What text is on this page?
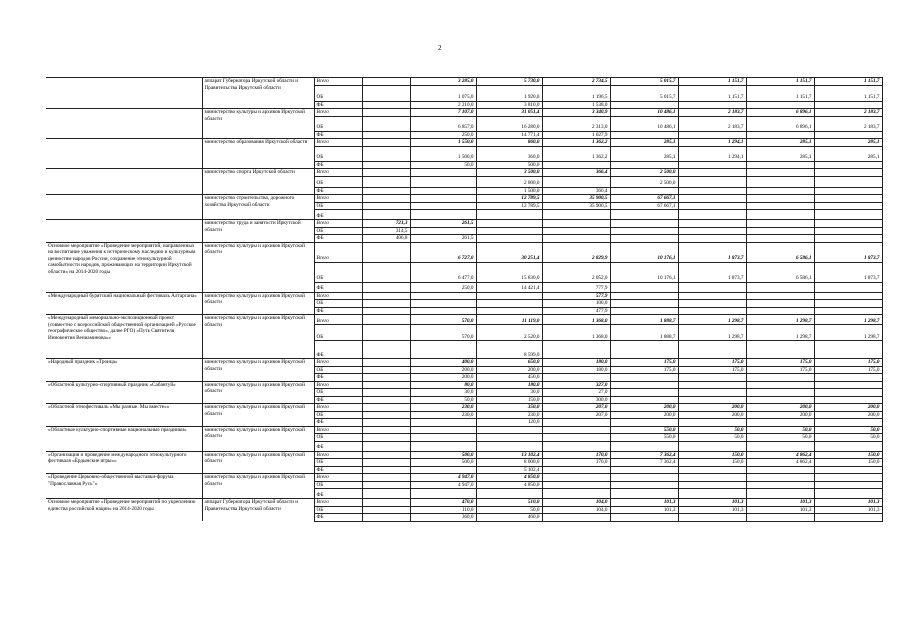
2
	аппарат Губернатора Иркутской области и Правительства Иркутской области	Всего		3 285,0	5 730,0	2 734,5	5 015,7	1 151,7	1 151,7	1 151,7
		ОБ		1 075,0	1 920,0	1 196,5	5 015,7	1 151,7	1 151,7	1 151,7
		ФБ		2 210,0	3 810,0	1 538,0				
	министерство культуры и архивов Иркутской области	Всего		7 107,0	31 051,4	3 340,9	10 486,1	2 183,7	6 896,1	2 183,7
		ОБ		6 857,0	16 280,0	2 313,0	10 486,1	2 183,7	6 896,1	2 183,7
		ФБ		250,0	14 771,4	1 027,9				
	министерство образования Иркутской области	Всего		1 550,0	860,0	1 362,2	285,1	1 294,1	285,1	285,1
		ОБ		1 500,0	360,0	1 362,2	285,1	1 294,1	285,1	285,1
		ФБ		50,0	500,0					
	министерство спорта Иркутской области	Всего			3 500,0	366,4	2 500,0			
		ОБ			2 000,0		2 500,0			
		ФБ			1 500,0	366,4				
	министерство строительства, дорожного хозяйства Иркутской области	Всего			12 789,5	35 900,5	67 667,1			
		ОБ			12 789,5	35 900,5	67 667,1			
		ФБ								
	министерство труда и занятости Иркутской области	Всего	721,3	261,5						
		ОБ	314,5							
		ФБ	406,8	261,5						
Основное мероприятие «Проведение мероприятий, направленных на воспитание уважения к историческому наследию и культурным ценностям народов России, сохранение этнокультурной самобытности народов, проживающих на территории Иркутской области» на 2014-2020 годы	министерство культуры и архивов Иркутской области	Всего		6 727,0	30 251,4	2 829,9	10 176,1	1 873,7	6 586,1	1 873,7
		ОБ		6 477,0	15 830,0	2 052,0	10 176,1	1 873,7	6 586,1	1 873,7
		ФБ		250,0	14 421,4	777,9				
«Международный бурятский национальный фестиваль Алтаргана»	министерство культуры и архивов Иркутской области	Всего				577,9				
		ОБ				100,0				
		ФБ				477,9				
«Международный мемориально-экспозиционный проект (совместно с всероссийской общественной организацией «Русское географическое общество», далее РГО) «Путь Святителя Иннокентия Вениаминова»»	министерство культуры и архивов Иркутской области	Всего		570,0	11 119,0	1 368,0	1 888,7	1 298,7	1 298,7	1 298,7
		ОБ		570,0	2 520,0	1 368,0	1 888,7	1 298,7	1 298,7	1 298,7
		ФБ			8 599,0					
«Народный праздник «Троица»	министерство культуры и архивов Иркутской области	Всего		400,0	650,0	180,0	175,0	175,0	175,0	175,0
		ОБ		200,0	200,0	180,0	175,0	175,0	175,0	175,0
		ФБ		200,0	450,0					
«Областной культурно-спортивный праздник «Сабантуй»	министерство культуры и архивов Иркутской области	Всего		80,0	180,0	327,0				
		ОБ		30,0	30,0	27,0				
		ФБ		50,0	150,0	300,0				
«Областной этнофестиваль «Мы разные. Мы вместе»»	министерство культуры и архивов Иркутской области	Всего		230,0	350,0	207,0	200,0	200,0	200,0	200,0
		ОБ		230,0	230,0	207,0	200,0	200,0	200,0	200,0
		ФБ			120,0					
«Областные культурно-спортивные национальные праздники»	министерство культуры и архивов Иркутской области	Всего					550,0	50,0	50,0	50,0
		ОБ					550,0	50,0	50,0	50,0
		ФБ								
«Организация и проведение международного этнокультурного фестиваля «Ёрдынские игры»»	министерство культуры и архивов Иркутской области	Всего		500,0	13 102,4	170,0	7 362,4	150,0	4 862,4	150,0
		ОБ		500,0	8 000,0	170,0	7 362,4	150,0	4 862,4	150,0
		ФБ			5 102,4					
«Проведение Церковно-общественной выставки-форума "Православная Русь"»	министерство культуры и архивов Иркутской области	Всего		4 947,0	4 850,0					
		ОБ		4 947,0	4 850,0					
		ФБ								
Основное мероприятие «Проведение мероприятий по укреплению единства российской нации» на 2014-2020 годы	аппарат Губернатора Иркутской области и Правительства Иркутской области	Всего		470,0	510,0	104,0	101,3	101,3	101,3	101,3
		ОБ		110,0	50,0	104,0	101,3	101,3	101,3	101,3
		ФБ		360,0	460,0					
